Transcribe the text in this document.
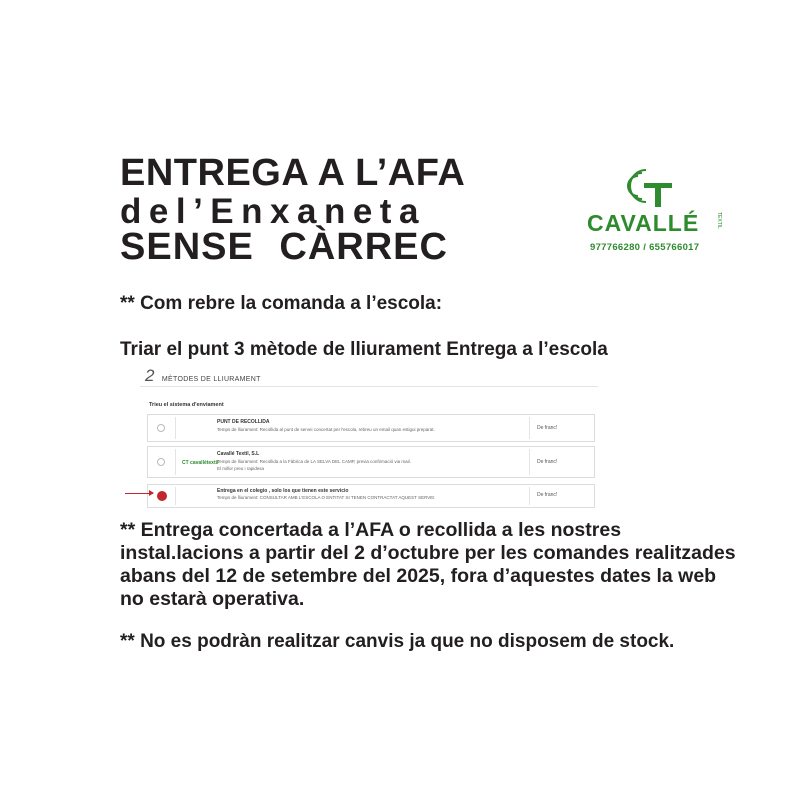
ENTREGA A L’AFA
del’Enxaneta
SENSE CÀRREC
CAVALLÉ	TEXTIL
977766280 / 655766017
** Com rebre la comanda a l’escola:
Triar el punt 3 mètode de lliurament Entrega a l’escola
2 MÈTODES DE LLIURAMENT
Trieu el sistema d'enviament
PUNT DE RECOLLIDA
Temps de lliurament: Recollida al punt de servei concertat per l'escola, rebreu un email quan estigui preparat.	De franc!
CT cavallétextil
Cavallé Textil, S.L
Temps de lliurament: Recollida a la Fàbrica de LA SELVA DEL CAMP, previa confirmació via mail.
El millor preu i rapidesa
De franc!
Entrega en el colegio , solo los que tienen este servicio
Temps de lliurament: CONSULTAR AMB L'ESCOLA O ENTITAT SI TENEN CONTRACTAT AQUEST SERVEI	De franc!
** Entrega concertada a l’AFA o recollida a les nostres instal.lacions a partir del 2 d’octubre per les comandes realitzades abans del 12 de setembre del 2025, fora d’aquestes dates la web no estarà operativa.
** No es podràn realitzar canvis ja que no disposem de stock.
